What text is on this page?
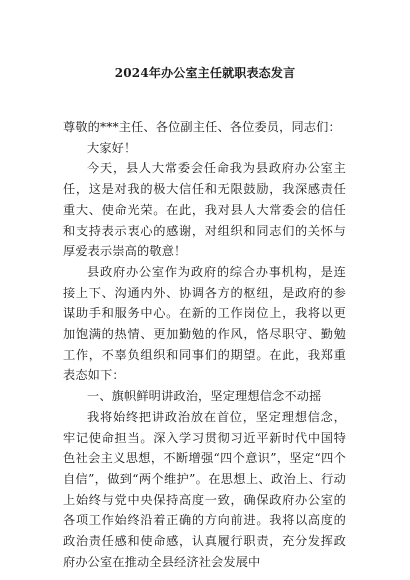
2024年办公室主任就职表态发言

尊敬的***主任、各位副主任、各位委员，同志们：

大家好！

今天，县人大常委会任命我为县政府办公室主任，这是对我的极大信任和无限鼓励，我深感责任重大、使命光荣。在此，我对县人大常委会的信任和支持表示衷心的感谢，对组织和同志们的关怀与厚爱表示崇高的敬意！

县政府办公室作为政府的综合办事机构，是连接上下、沟通内外、协调各方的枢纽，是政府的参谋助手和服务中心。在新的工作岗位上，我将以更加饱满的热情、更加勤勉的作风，恪尽职守、勤勉工作，不辜负组织和同事们的期望。在此，我郑重表态如下：

一、旗帜鲜明讲政治，坚定理想信念不动摇

我将始终把讲政治放在首位，坚定理想信念，牢记使命担当。深入学习贯彻习近平新时代中国特色社会主义思想，不断增强“四个意识”，坚定“四个自信”，做到“两个维护”。在思想上、政治上、行动上始终与党中央保持高度一致，确保政府办公室的各项工作始终沿着正确的方向前进。我将以高度的政治责任感和使命感，认真履行职责，充分发挥政府办公室在推动全县经济社会发展中
